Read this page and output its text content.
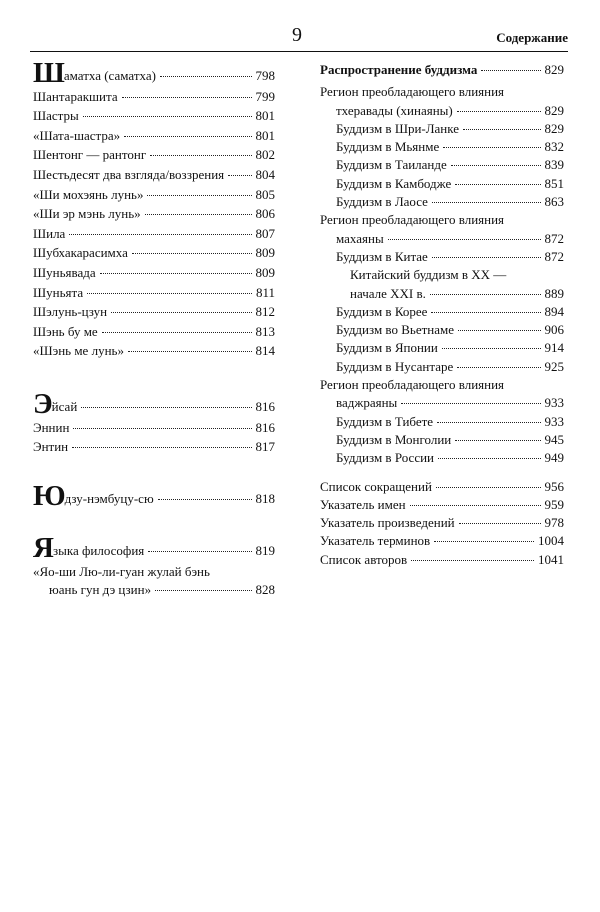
9	Содержание
Шаматха (саматха)	798
Шантаракшита	799
Шастры	801
«Шата-шастра»	801
Шентонг — рантонг	802
Шестьдесят два взгляда/воззрения 804
«Ши мохэянь лунь»	805
«Ши эр мэнь лунь»	806
Шила	807
Шубхакарасимха	809
Шуньявада	809
Шуньята	811
Шэлунь-цзун	812
Шэнь бу ме	813
«Шэнь ме лунь»	814
Эйсай	816
Эннин	816
Энтин	817
Юдзу-нэмбуцу-сю	818
Языка философия	819
«Яо-ши Лю-ли-гуан жулай бэнь
юань гун дэ цзин»	828
Распространение буддизма	829
Регион преобладающего влияния
тхеравады (хинаяны)	829
Буддизм в Шри-Ланке	829
Буддизм в Мьянме	832
Буддизм в Таиланде	839
Буддизм в Камбодже	851
Буддизм в Лаосе	863
Регион преобладающего влияния
махаяны	872
Буддизм в Китае	872
Китайский буддизм в XX —
начале XXI в.	889
Буддизм в Корее	894
Буддизм во Вьетнаме	906
Буддизм в Японии	914
Буддизм в Нусантаре	925
Регион преобладающего влияния
ваджраяны	933
Буддизм в Тибете	933
Буддизм в Монголии	945
Буддизм в России	949
Список сокращений	956
Указатель имен	959
Указатель произведений	978
Указатель терминов	1004
Список авторов	1041
